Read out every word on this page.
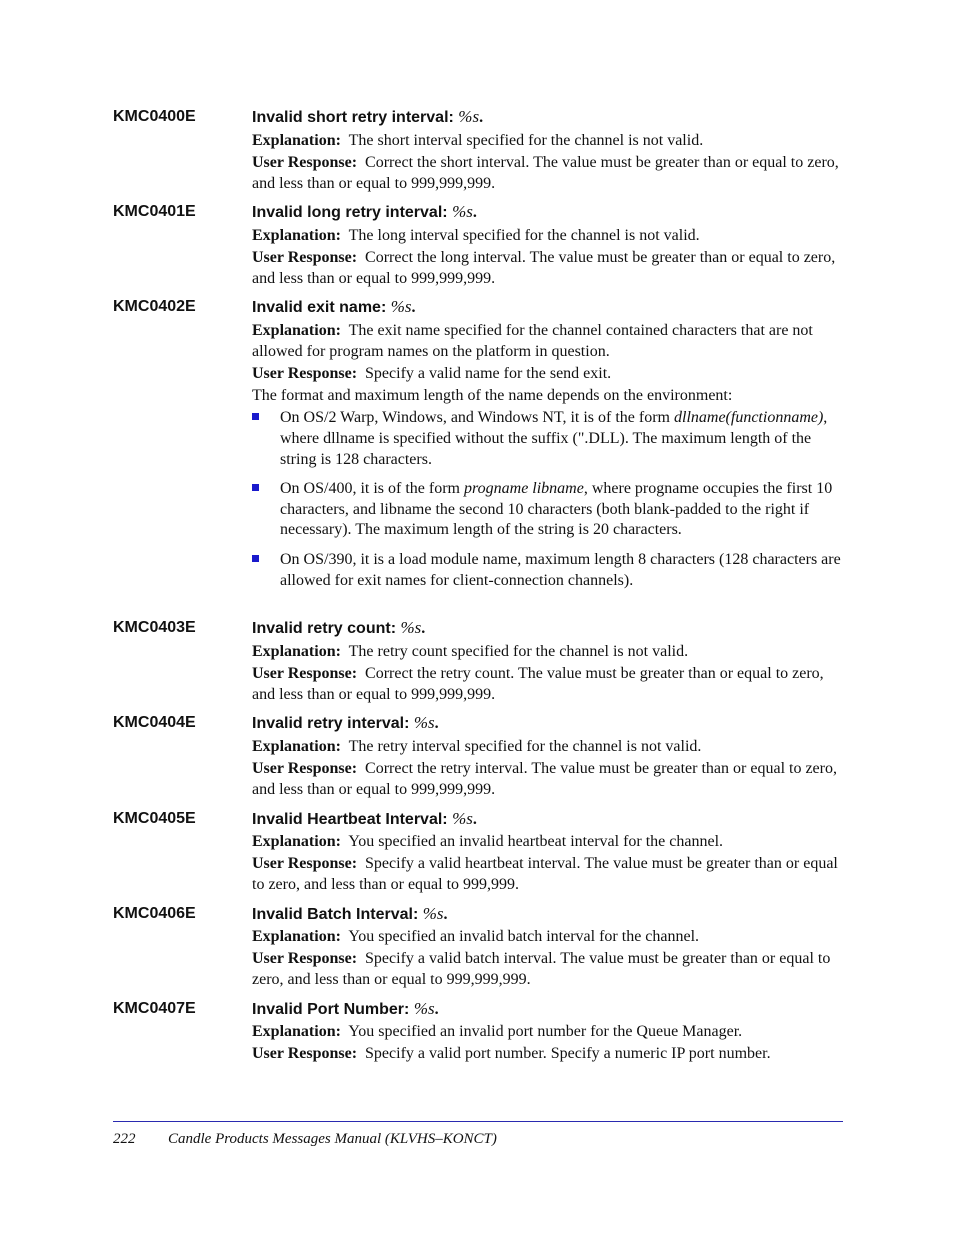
KMC0400E	Invalid short retry interval: %s.

Explanation: The short interval specified for the channel is not valid.

User Response: Correct the short interval. The value must be greater than or equal to zero, and less than or equal to 999,999,999.

KMC0401E	Invalid long retry interval: %s.

Explanation: The long interval specified for the channel is not valid.

User Response: Correct the long interval. The value must be greater than or equal to zero, and less than or equal to 999,999,999.

KMC0402E	Invalid exit name: %s.

Explanation: The exit name specified for the channel contained characters that are not allowed for program names on the platform in question.

User Response: Specify a valid name for the send exit.

The format and maximum length of the name depends on the environment:

On OS/2 Warp, Windows, and Windows NT, it is of the form dllname(functionname), where dllname is specified without the suffix (".DLL). The maximum length of the string is 128 characters.
On OS/400, it is of the form progname libname, where progname occupies the first 10 characters, and libname the second 10 characters (both blank-padded to the right if necessary). The maximum length of the string is 20 characters.
On OS/390, it is a load module name, maximum length 8 characters (128 characters are allowed for exit names for client-connection channels).
KMC0403E	Invalid retry count: %s.

Explanation: The retry count specified for the channel is not valid.

User Response: Correct the retry count. The value must be greater than or equal to zero, and less than or equal to 999,999,999.

KMC0404E	Invalid retry interval: %s.

Explanation: The retry interval specified for the channel is not valid.

User Response: Correct the retry interval. The value must be greater than or equal to zero, and less than or equal to 999,999,999.

KMC0405E	Invalid Heartbeat Interval: %s.

Explanation: You specified an invalid heartbeat interval for the channel.

User Response: Specify a valid heartbeat interval. The value must be greater than or equal to zero, and less than or equal to 999,999.

KMC0406E	Invalid Batch Interval: %s.

Explanation: You specified an invalid batch interval for the channel.

User Response: Specify a valid batch interval. The value must be greater than or equal to zero, and less than or equal to 999,999,999.

KMC0407E	Invalid Port Number: %s.

Explanation: You specified an invalid port number for the Queue Manager.

User Response: Specify a valid port number. Specify a numeric IP port number.

222 Candle Products Messages Manual (KLVHS–KONCT)
